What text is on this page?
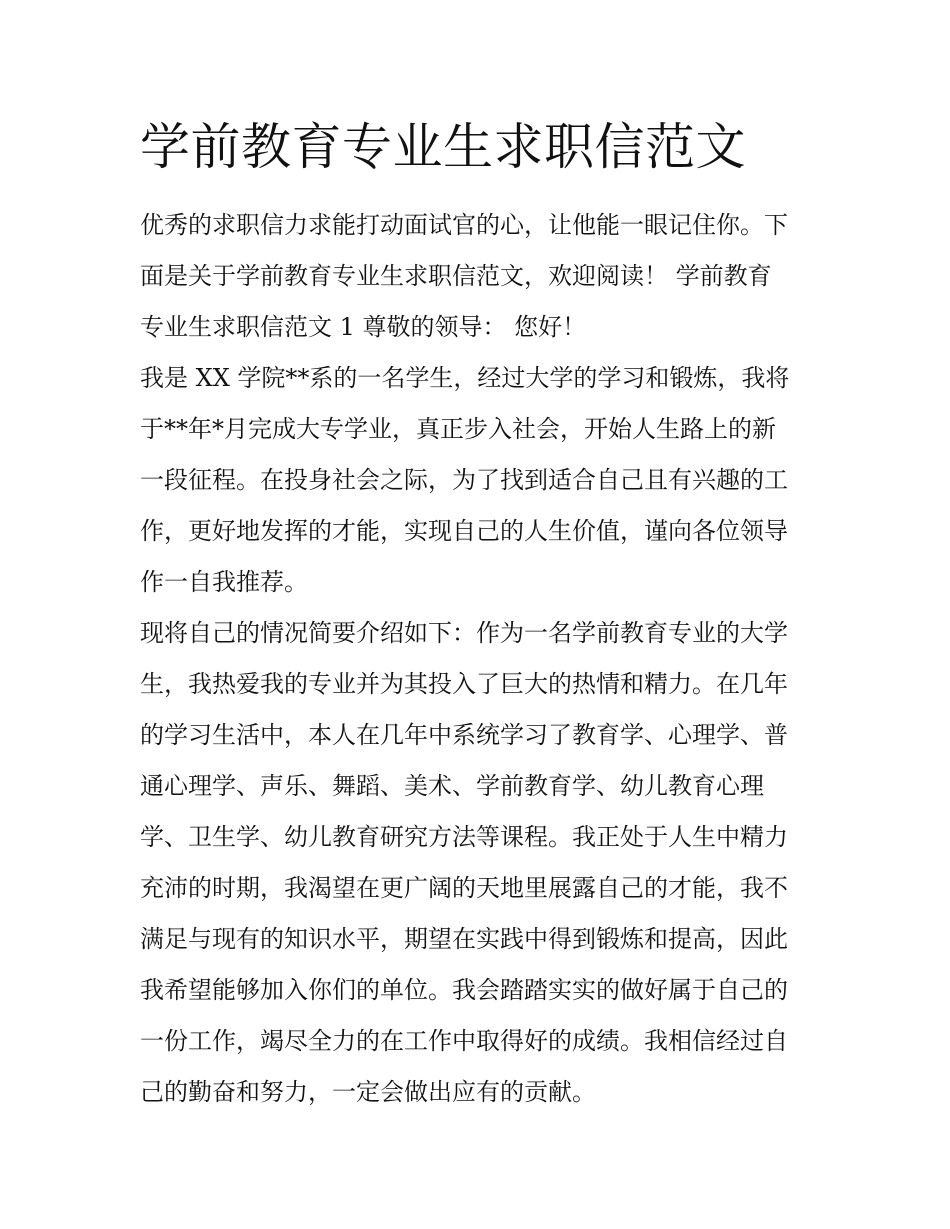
学前教育专业生求职信范文
优秀的求职信力求能打动面试官的心，让他能一眼记住你。下
面是关于学前教育专业生求职信范文，欢迎阅读！ 学前教育
专业生求职信范文 1 尊敬的领导： 您好！
我是 XX 学院**系的一名学生，经过大学的学习和锻炼，我将
于**年*月完成大专学业，真正步入社会，开始人生路上的新
一段征程。在投身社会之际，为了找到适合自己且有兴趣的工
作，更好地发挥的才能，实现自己的人生价值，谨向各位领导
作一自我推荐。
现将自己的情况简要介绍如下：作为一名学前教育专业的大学
生，我热爱我的专业并为其投入了巨大的热情和精力。在几年
的学习生活中，本人在几年中系统学习了教育学、心理学、普
通心理学、声乐、舞蹈、美术、学前教育学、幼儿教育心理
学、卫生学、幼儿教育研究方法等课程。我正处于人生中精力
充沛的时期，我渴望在更广阔的天地里展露自己的才能，我不
满足与现有的知识水平，期望在实践中得到锻炼和提高，因此
我希望能够加入你们的单位。我会踏踏实实的做好属于自己的
一份工作，竭尽全力的在工作中取得好的成绩。我相信经过自
己的勤奋和努力，一定会做出应有的贡献。
